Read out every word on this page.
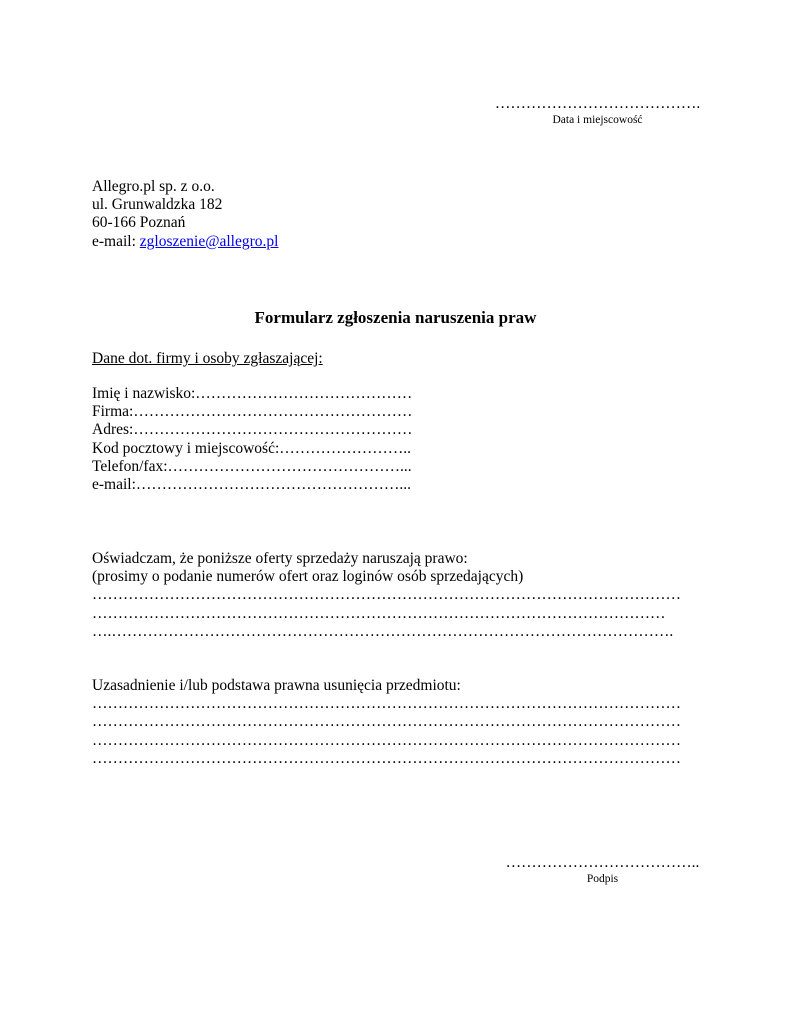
………………………………….
Data i miejscowość
Allegro.pl sp. z o.o.
ul. Grunwaldzka 182
60-166 Poznań
e-mail: zgloszenie@allegro.pl
Formularz zgłoszenia naruszenia praw
Dane dot. firmy i osoby zgłaszającej:
Imię i nazwisko:……………………………………
Firma:………………………………………………
Adres:………………………………………………
Kod pocztowy i miejscowość:……………………..
Telefon/fax:………………………………………...
e-mail:……………………………………………...
Oświadczam, że poniższe oferty sprzedaży naruszają prawo:
(prosimy o podanie numerów ofert oraz loginów osób sprzedających)
……………………………………………………………………………………………………
…………………………………………………………………………………………………
….……………………………………………………………………………………………….
Uzasadnienie i/lub podstawa prawna usunięcia przedmiotu:
……………………………………………………………………………………………………
……………………………………………………………………………………………………
……………………………………………………………………………………………………
……………………………………………………………………………………………………
………………………………..
Podpis
